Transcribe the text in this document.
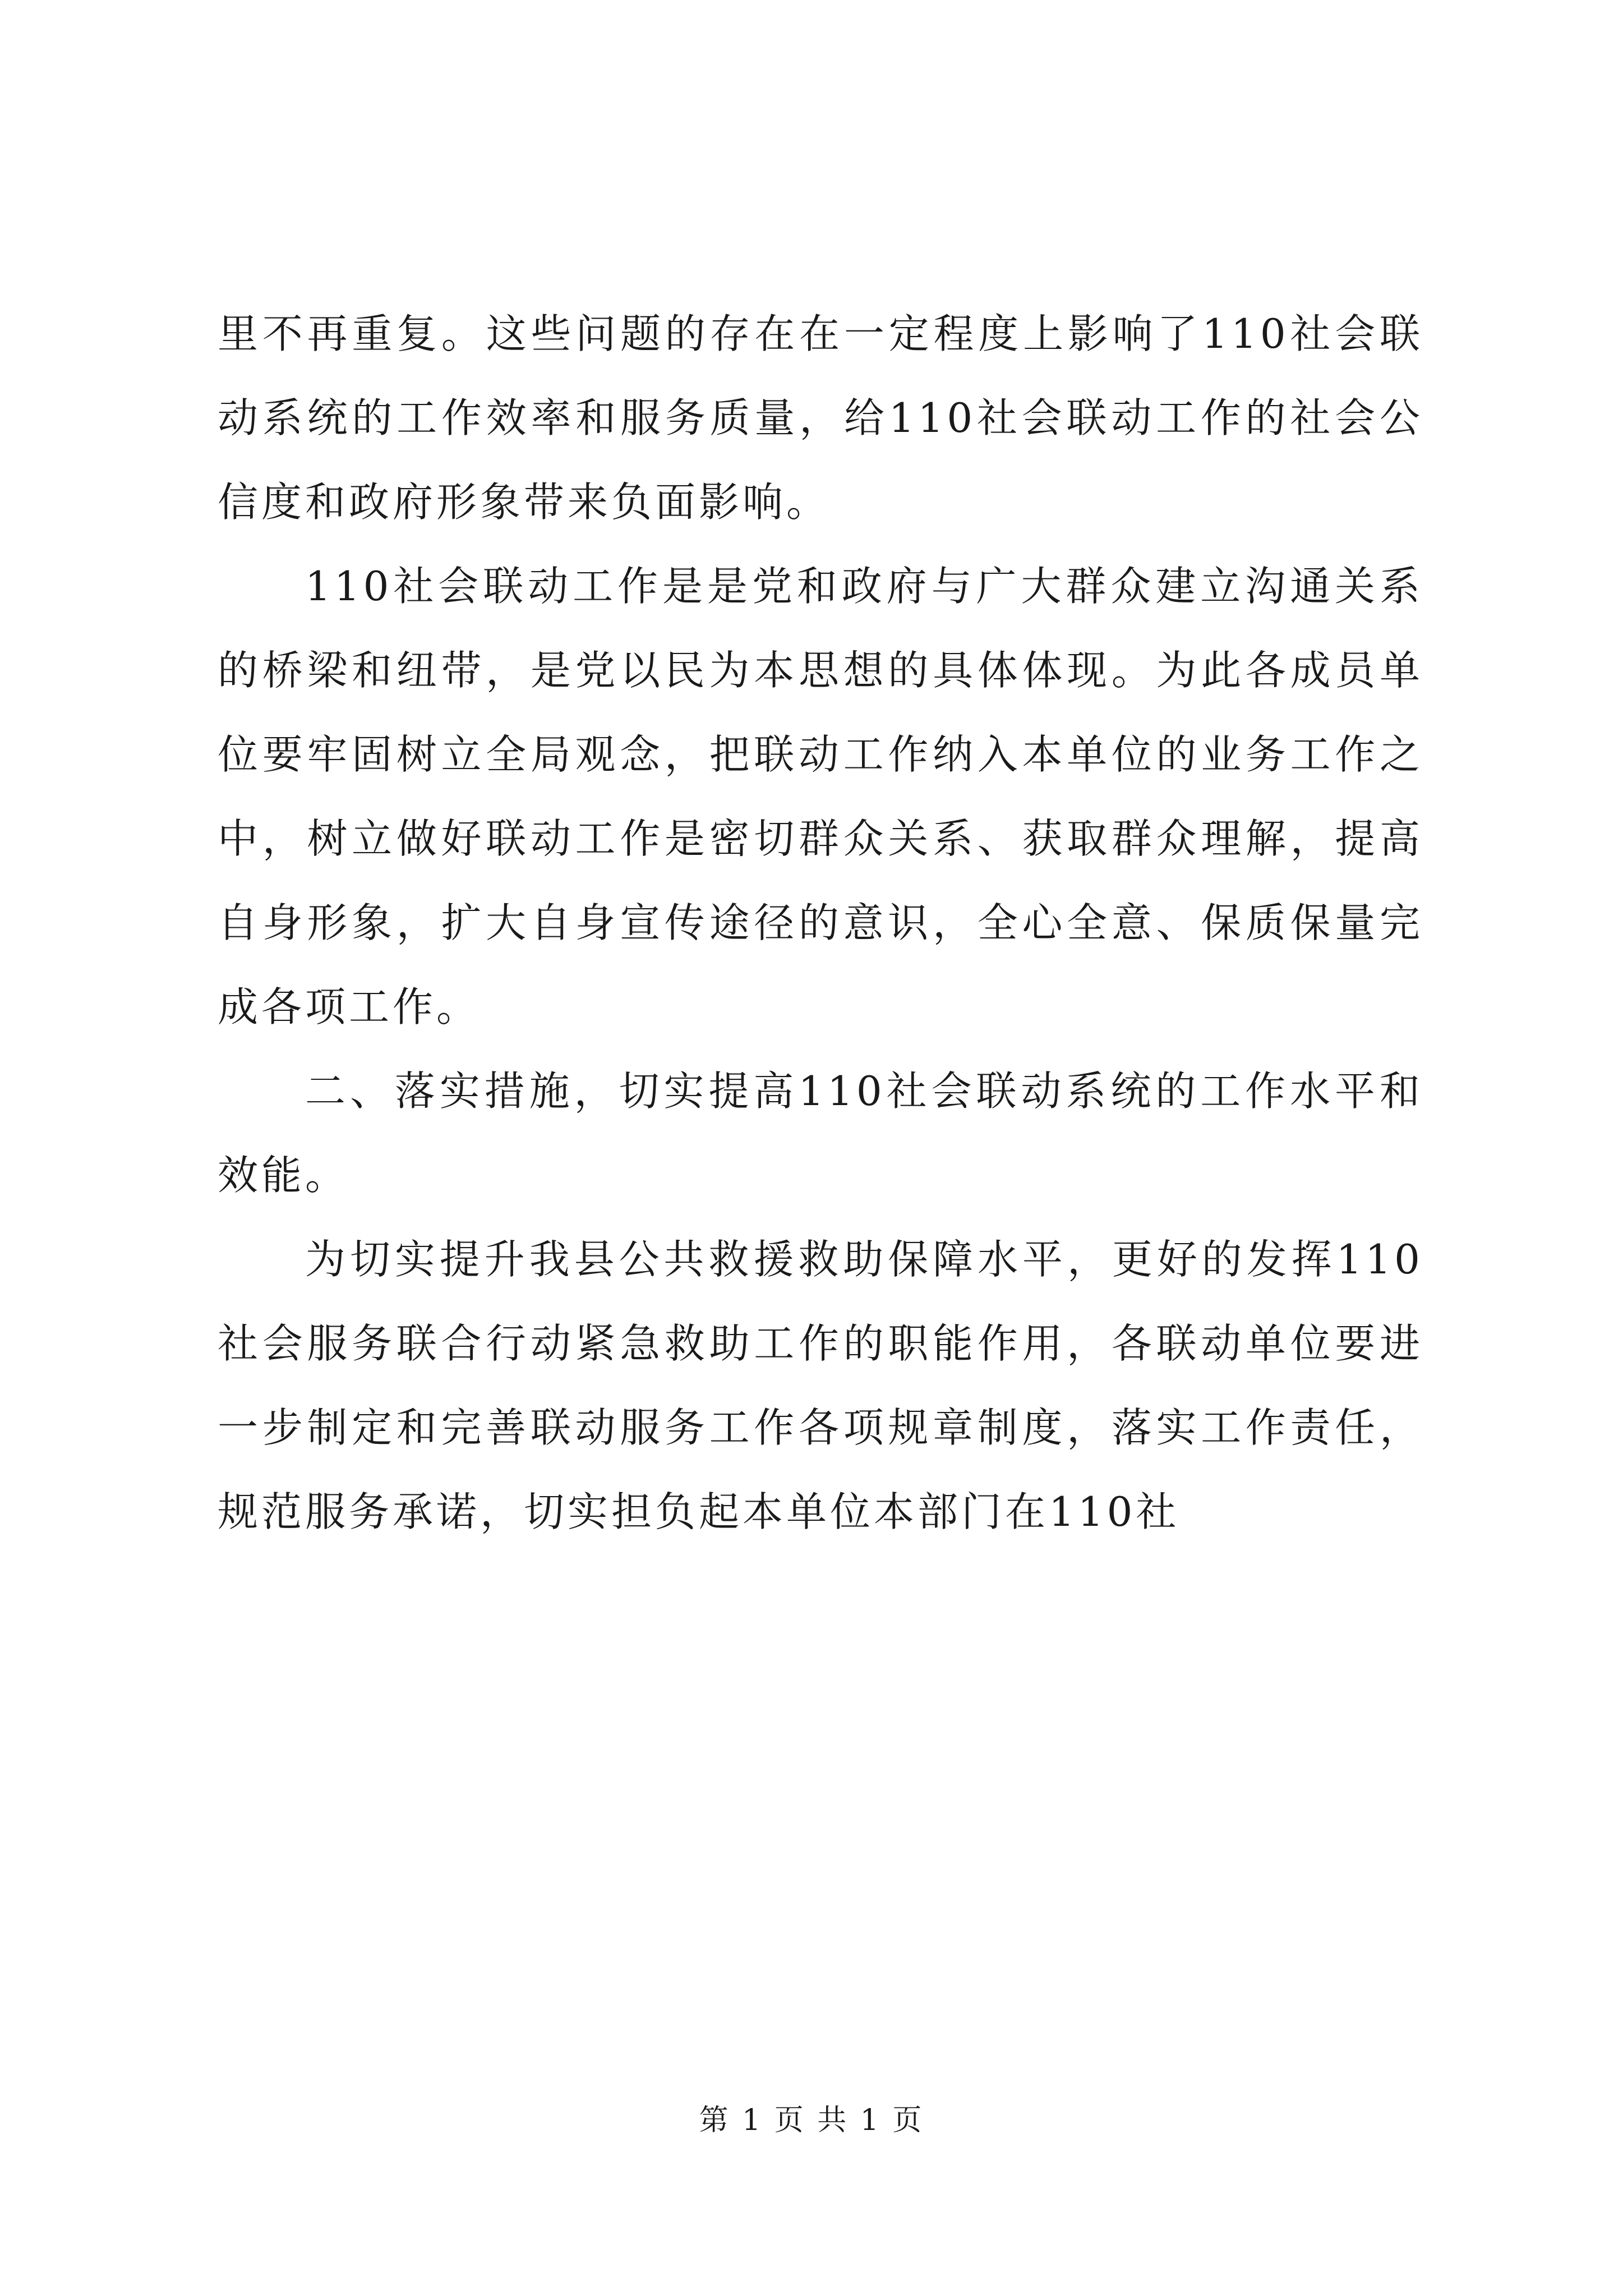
里不再重复。这些问题的存在在一定程度上影响了110社会联动系统的工作效率和服务质量，给110社会联动工作的社会公信度和政府形象带来负面影响。

110社会联动工作是是党和政府与广大群众建立沟通关系的桥梁和纽带，是党以民为本思想的具体体现。为此各成员单位要牢固树立全局观念，把联动工作纳入本单位的业务工作之中，树立做好联动工作是密切群众关系、获取群众理解，提高自身形象，扩大自身宣传途径的意识，全心全意、保质保量完成各项工作。

二、落实措施，切实提高110社会联动系统的工作水平和效能。

为切实提升我县公共救援救助保障水平，更好的发挥110社会服务联合行动紧急救助工作的职能作用，各联动单位要进一步制定和完善联动服务工作各项规章制度，落实工作责任，规范服务承诺，切实担负起本单位本部门在110社

第 1 页 共 1 页
